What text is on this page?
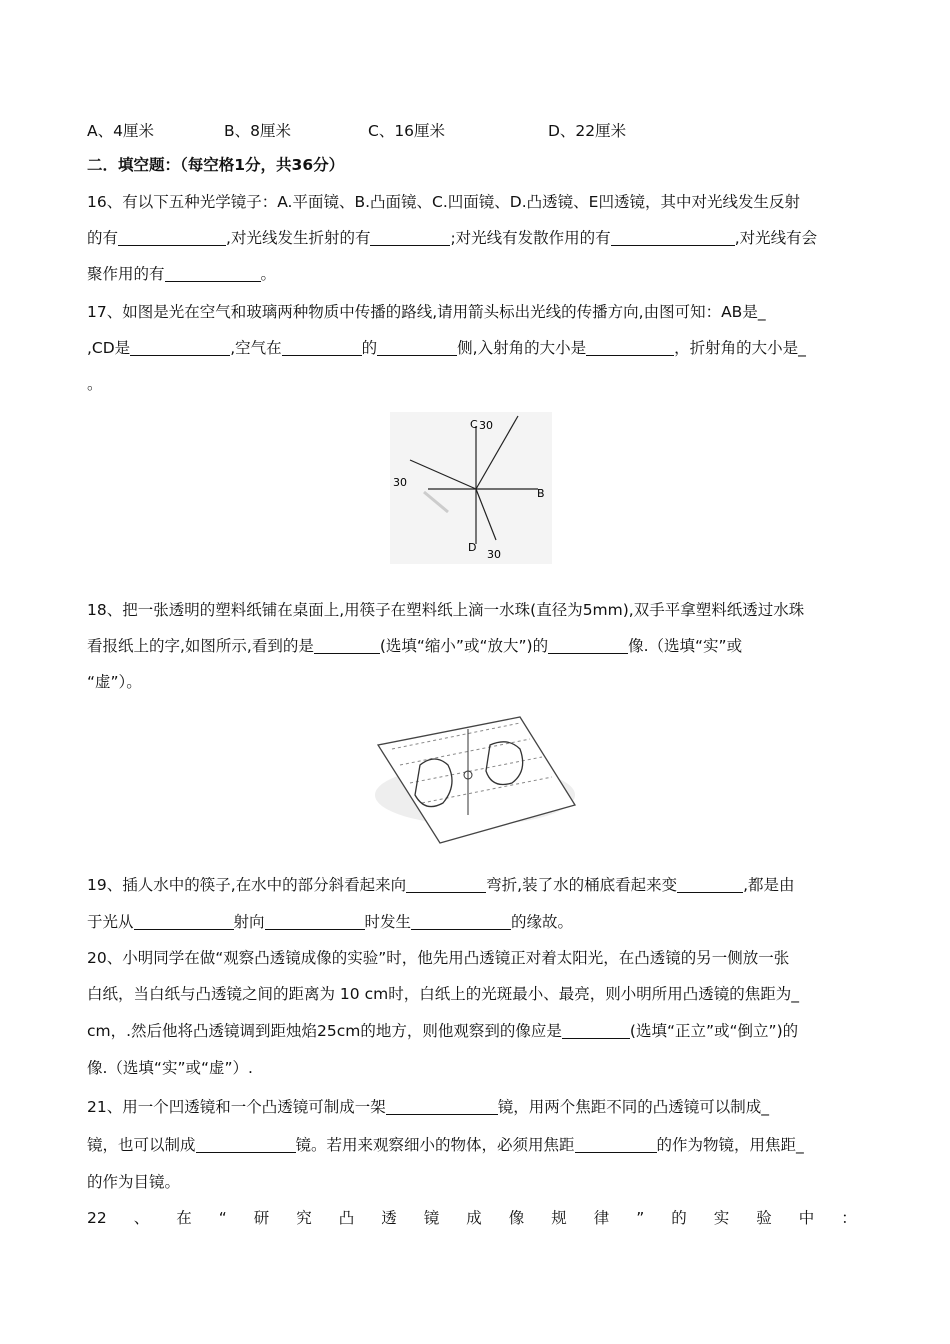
A、4厘米	B、8厘米	C、16厘米	D、22厘米
二．填空题：（每空格1分，共36分）
16、有以下五种光学镜子：A.平面镜、B.凸面镜、C.凹面镜、D.凸透镜、E凹透镜，其中对光线发生反射
的有	,对光线发生折射的有	;对光线有发散作用的有	,对光线有会
聚作用的有	。
17、如图是光在空气和玻璃两种物质中传播的路线,请用箭头标出光线的传播方向,由图可知：AB是_
,CD是	,空气在	的	侧,入射角的大小是	，折射角的大小是_
。
C 30
30
B
D
30
18、把一张透明的塑料纸铺在桌面上,用筷子在塑料纸上滴一水珠(直径为5mm),双手平拿塑料纸透过水珠
看报纸上的字,如图所示,看到的是	(选填“缩小”或“放大”)的	像.（选填“实”或
“虚”）。
19、插人水中的筷子,在水中的部分斜看起来向	弯折,装了水的桶底看起来变	,都是由
于光从	射向	时发生	的缘故。
20、小明同学在做“观察凸透镜成像的实验”时，他先用凸透镜正对着太阳光，在凸透镜的另一侧放一张
白纸，当白纸与凸透镜之间的距离为 10 cm时，白纸上的光斑最小、最亮，则小明所用凸透镜的焦距为_
cm，.然后他将凸透镜调到距烛焰25cm的地方，则他观察到的像应是	(选填“正立”或“倒立”)的
像.（选填“实”或“虚”）.
21、用一个凹透镜和一个凸透镜可制成一架	镜，用两个焦距不同的凸透镜可以制成_
镜，也可以制成	镜。若用来观察细小的物体，必须用焦距	的作为物镜，用焦距_
的作为目镜。
22 、 在 “ 研 究 凸 透 镜 成 像 规 律 ” 的 实 验 中 ：
